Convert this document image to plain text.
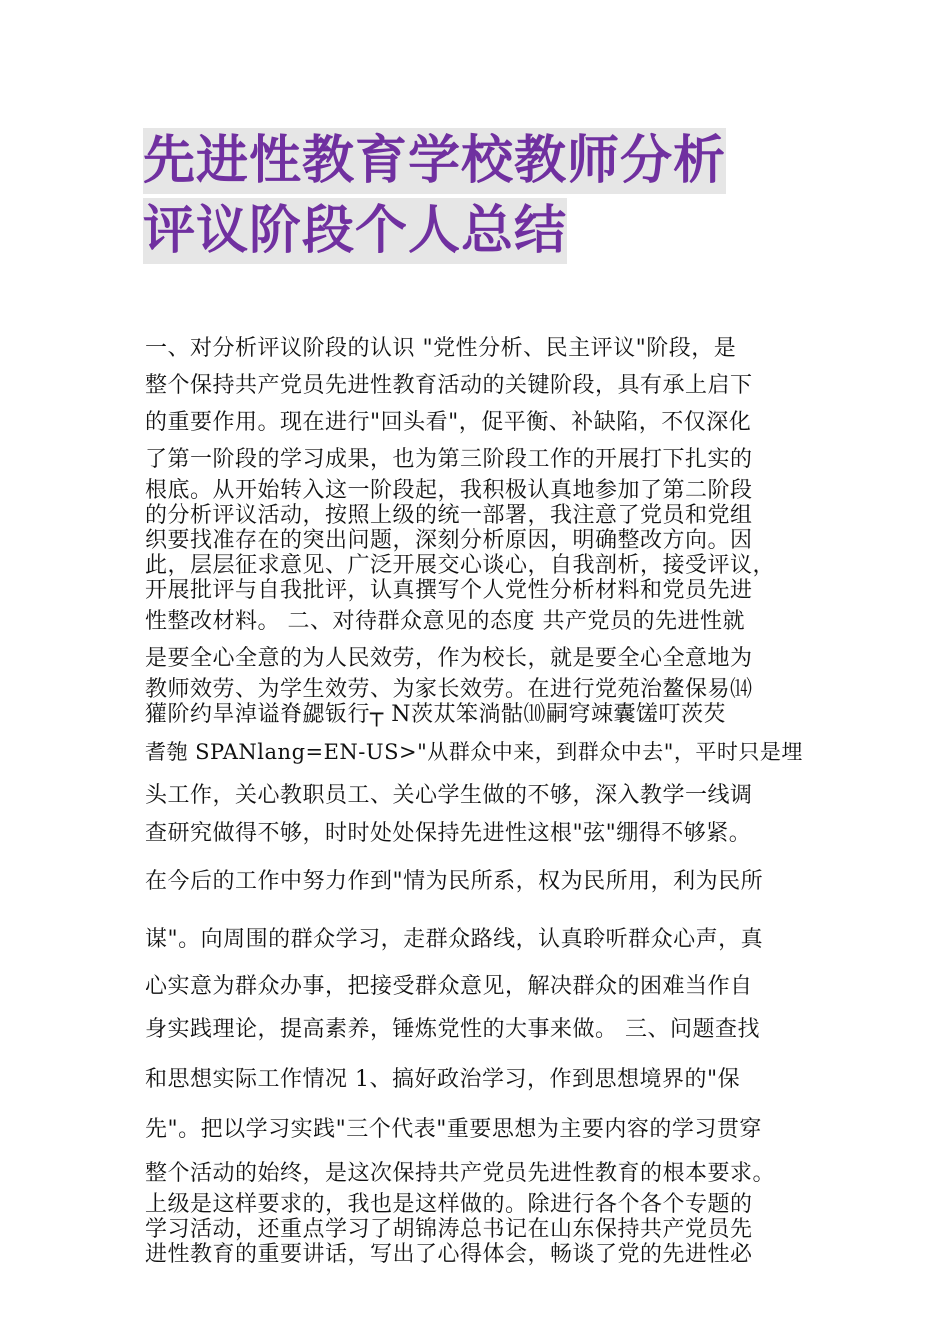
先进性教育学校教师分析
评议阶段个人总结
一、对分析评议阶段的认识 "党性分析、民主评议"阶段，是
整个保持共产党员先进性教育活动的关键阶段，具有承上启下
的重要作用。现在进行"回头看"，促平衡、补缺陷，不仅深化
了第一阶段的学习成果，也为第三阶段工作的开展打下扎实的
根底。从开始转入这一阶段起，我积极认真地参加了第二阶段
的分析评议活动，按照上级的统一部署，我注意了党员和党组
织要找准存在的突出问题，深刻分析原因，明确整改方向。因
此，层层征求意见、广泛开展交心谈心，自我剖析，接受评议，
开展批评与自我批评，认真撰写个人党性分析材料和党员先进
性整改材料。 二、对待群众意见的态度 共产党员的先进性就
是要全心全意的为人民效劳，作为校长，就是要全心全意地为
教师效劳、为学生效劳、为家长效劳。在进行党苑治鳌保易⒁
獾阶约旱淖谥脊勰钣行┬ N茨苁笨淌骷⑽嗣穹竦囊馐叮茨芡
耆匏 SPANlang=EN-US>"从群众中来，到群众中去"，平时只是埋
头工作，关心教职员工、关心学生做的不够，深入教学一线调
查研究做得不够，时时处处保持先进性这根"弦"绷得不够紧。
在今后的工作中努力作到"情为民所系，权为民所用，利为民所
谋"。向周围的群众学习，走群众路线，认真聆听群众心声，真
心实意为群众办事，把接受群众意见，解决群众的困难当作自
身实践理论，提高素养，锤炼党性的大事来做。 三、问题查找
和思想实际工作情况 1、搞好政治学习，作到思想境界的"保
先"。把以学习实践"三个代表"重要思想为主要内容的学习贯穿
整个活动的始终，是这次保持共产党员先进性教育的根本要求。
上级是这样要求的，我也是这样做的。除进行各个各个专题的
学习活动，还重点学习了胡锦涛总书记在山东保持共产党员先
进性教育的重要讲话，写出了心得体会，畅谈了党的先进性必
